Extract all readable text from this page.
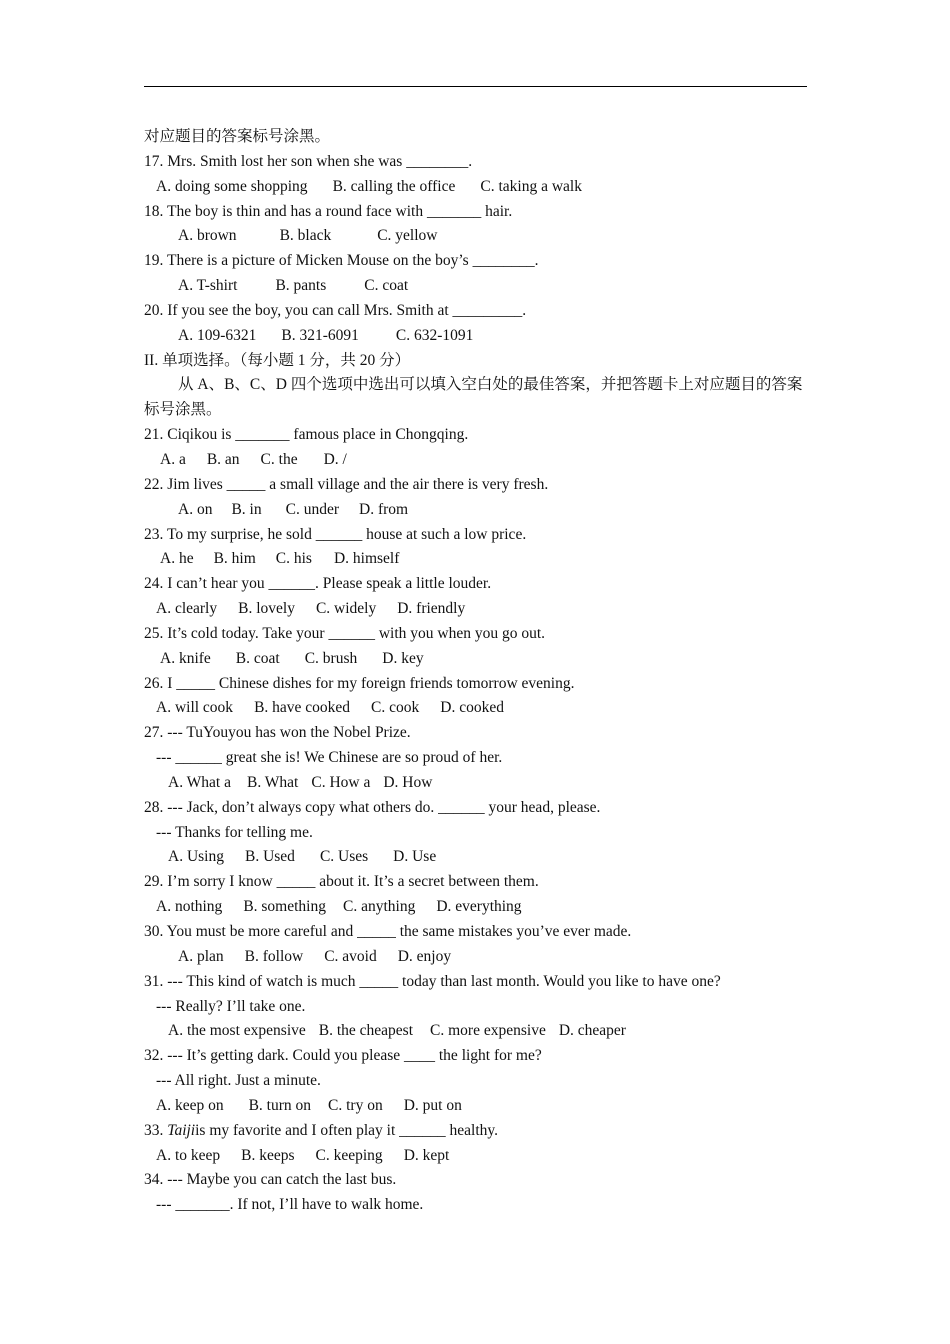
对应题目的答案标号涂黑。
17. Mrs. Smith lost her son when she was ________.
A. doing some shopping B. calling the office C. taking a walk
18. The boy is thin and has a round face with _______ hair.
A. brown	B. black	C. yellow
19. There is a picture of Micken Mouse on the boy’s ________.
A. T-shirt B. pants C. coat
20. If you see the boy, you can call Mrs. Smith at _________.
A. 109-6321 B. 321-6091 C. 632-1091
II. 单项选择。（每小题 1 分，共 20 分）
从 A、B、C、D 四个选项中选出可以填入空白处的最佳答案，并把答题卡上对应题目的答案标号涂黑。
21. Ciqikou is _______ famous place in Chongqing.
A. a B. an C. the D. /
22. Jim lives _____ a small village and the air there is very fresh.
A. on B. in C. under D. from
23. To my surprise, he sold ______ house at such a low price.
A. he B. him C. his D. himself
24. I can’t hear you ______. Please speak a little louder.
A. clearly B. lovely C. widely D. friendly
25. It’s cold today. Take your ______ with you when you go out.
A. knife B. coat C. brush D. key
26. I _____ Chinese dishes for my foreign friends tomorrow evening.
A. will cook B. have cooked C. cook D. cooked
27. --- TuYouyou has won the Nobel Prize.
--- ______ great she is! We Chinese are so proud of her.
A. What a B. What C. How a D. How
28. --- Jack, don’t always copy what others do. ______ your head, please.
--- Thanks for telling me.
A. Using B. Used C. Uses D. Use
29. I’m sorry I know _____ about it. It’s a secret between them.
A. nothing B. something C. anything D. everything
30. You must be more careful and _____ the same mistakes you’ve ever made.
A. plan B. follow C. avoid D. enjoy
31. --- This kind of watch is much _____ today than last month. Would you like to have one?
--- Really? I’ll take one.
A. the most expensive B. the cheapest C. more expensive D. cheaper
32. --- It’s getting dark. Could you please ____ the light for me?
--- All right. Just a minute.
A. keep on B. turn on C. try on D. put on
33. Taijiis my favorite and I often play it ______ healthy.
A. to keep B. keeps C. keeping D. kept
34. --- Maybe you can catch the last bus.
--- _______. If not, I’ll have to walk home.
